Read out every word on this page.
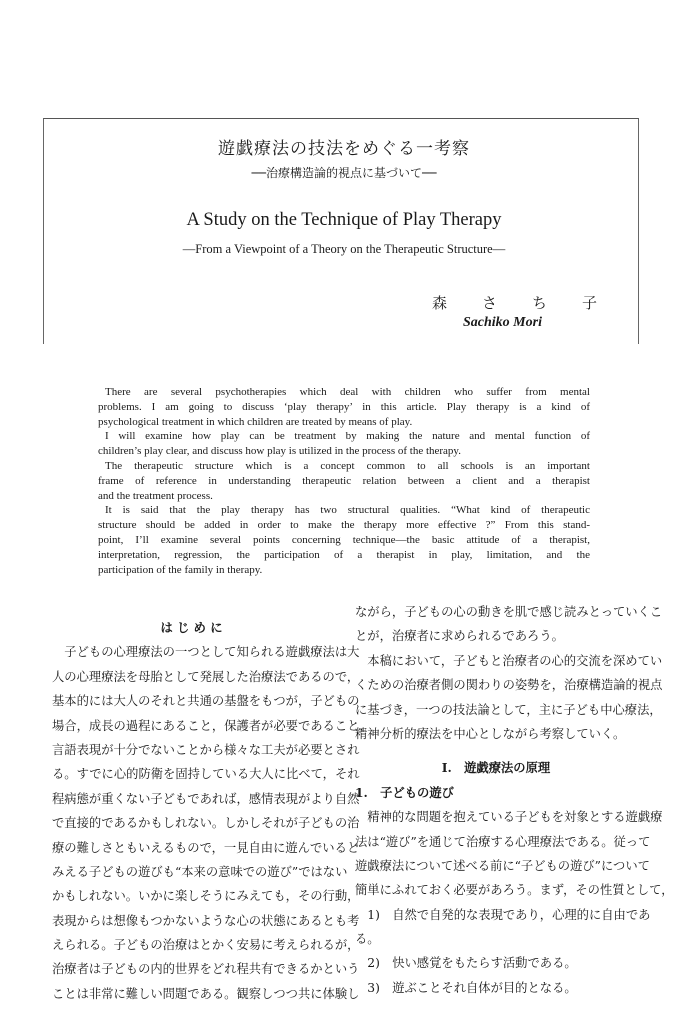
遊戯療法の技法をめぐる一考察
──治療構造論的視点に基づいて──
A Study on the Technique of Play Therapy
—From a Viewpoint of a Theory on the Therapeutic Structure—
森 さ ち 子
Sachiko Mori
There are several psychotherapies which deal with children who suffer from mental
problems. I am going to discuss ‘play therapy’ in this article. Play therapy is a kind of
psychological treatment in which children are treated by means of play.
I will examine how play can be treatment by making the nature and mental function of
children’s play clear, and discuss how play is utilized in the process of the therapy.
The therapeutic structure which is a concept common to all schools is an important
frame of reference in understanding therapeutic relation between a client and a therapist
and the treatment process.
It is said that the play therapy has two structural qualities. “What kind of therapeutic
structure should be added in order to make the therapy more effective ?” From this stand-
point, I’ll examine several points concerning technique—the basic attitude of a therapist,
interpretation, regression, the participation of a therapist in play, limitation, and the
participation of the family in therapy.
は じ め に
　子どもの心理療法の一つとして知られる遊戯療法は大
人の心理療法を母胎として発展した治療法であるので，
基本的には大人のそれと共通の基盤をもつが，子どもの
場合，成長の過程にあること，保護者が必要であること，
言語表現が十分でないことから様々な工夫が必要とされ
る。すでに心的防衛を固持している大人に比べて，それ
程病態が重くない子どもであれば，感情表現がより自然
で直接的であるかもしれない。しかしそれが子どもの治
療の難しさともいえるもので，一見自由に遊んでいると
みえる子どもの遊びも“本来の意味での遊び”ではない
かもしれない。いかに楽しそうにみえても，その行動，
表現からは想像もつかないような心の状態にあるとも考
えられる。子どもの治療はとかく安易に考えられるが，
治療者は子どもの内的世界をどれ程共有できるかという
ことは非常に難しい問題である。観察しつつ共に体験し
ながら，子どもの心の動きを肌で感じ読みとっていくこ
とが，治療者に求められるであろう。
　本稿において，子どもと治療者の心的交流を深めてい
くための治療者側の関わりの姿勢を，治療構造論的視点
に基づき，一つの技法論として，主に子ども中心療法，
精神分析的療法を中心としながら考察していく。
I.　遊戯療法の原理
1.　子どもの遊び
　精神的な問題を抱えている子どもを対象とする遊戯療
法は“遊び”を通じて治療する心理療法である。従って
遊戯療法について述べる前に“子どもの遊び”について
簡単にふれておく必要があろう。まず，その性質として，
　1)　自然で自発的な表現であり，心理的に自由であ
る。
　2)　快い感覚をもたらす活動である。
　3)　遊ぶことそれ自体が目的となる。
